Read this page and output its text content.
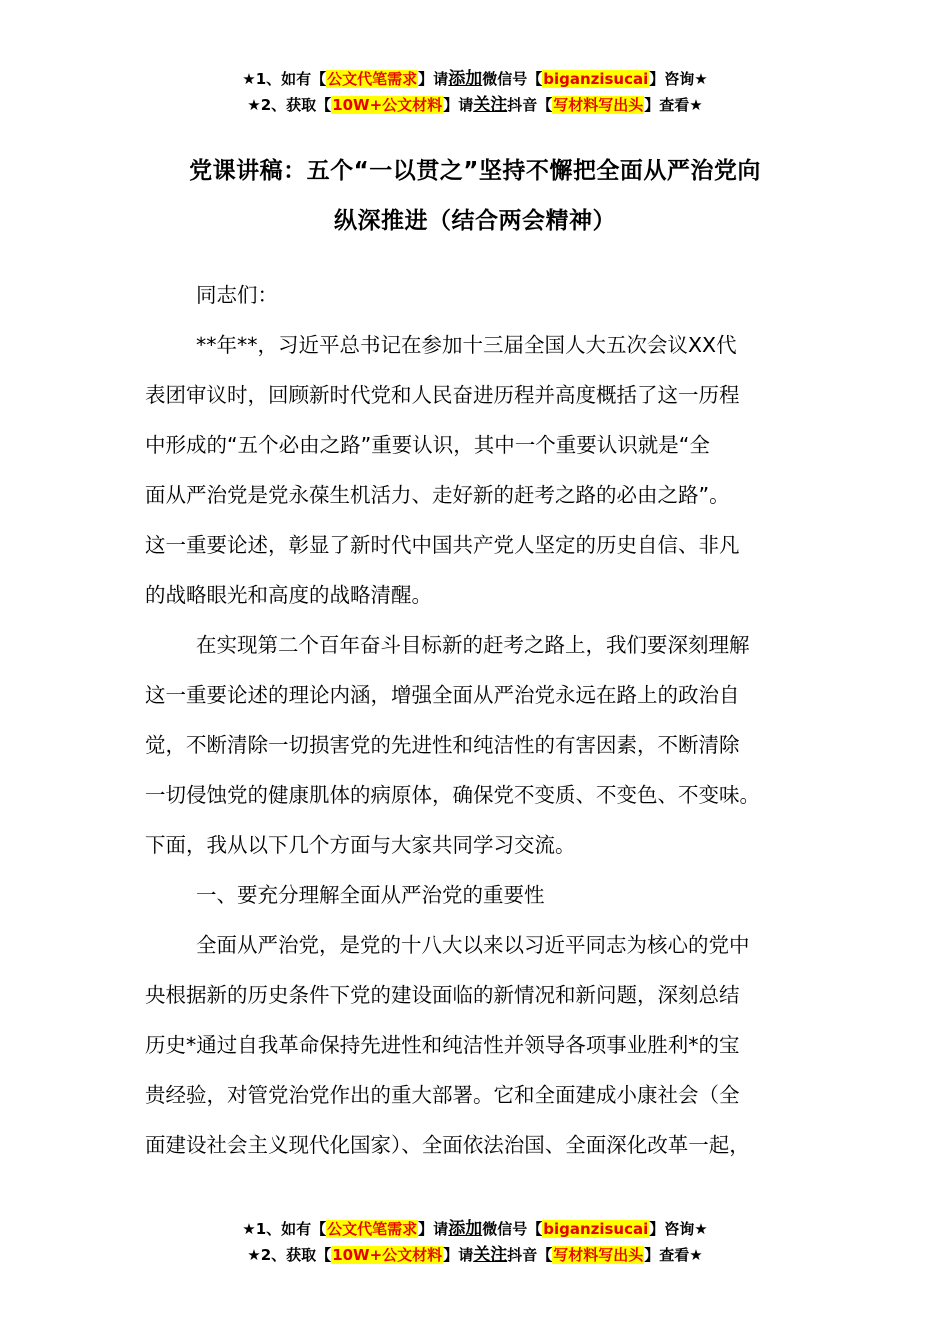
★1、如有【公文代笔需求】请添加微信号【biganzisucai】咨询★
★2、获取【10W+公文材料】请关注抖音【写材料写出头】查看★
党课讲稿：五个“一以贯之”坚持不懈把全面从严治党向
纵深推进（结合两会精神）
同志们：
**年**，习近平总书记在参加十三届全国人大五次会议XX代
表团审议时，回顾新时代党和人民奋进历程并高度概括了这一历程
中形成的“五个必由之路”重要认识，其中一个重要认识就是“全
面从严治党是党永葆生机活力、走好新的赶考之路的必由之路”。
这一重要论述，彰显了新时代中国共产党人坚定的历史自信、非凡
的战略眼光和高度的战略清醒。
在实现第二个百年奋斗目标新的赶考之路上，我们要深刻理解
这一重要论述的理论内涵，增强全面从严治党永远在路上的政治自
觉，不断清除一切损害党的先进性和纯洁性的有害因素，不断清除
一切侵蚀党的健康肌体的病原体，确保党不变质、不变色、不变味。
下面，我从以下几个方面与大家共同学习交流。
一、要充分理解全面从严治党的重要性
全面从严治党，是党的十八大以来以习近平同志为核心的党中
央根据新的历史条件下党的建设面临的新情况和新问题，深刻总结
历史*通过自我革命保持先进性和纯洁性并领导各项事业胜利*的宝
贵经验，对管党治党作出的重大部署。它和全面建成小康社会（全
面建设社会主义现代化国家）、全面依法治国、全面深化改革一起，
★1、如有【公文代笔需求】请添加微信号【biganzisucai】咨询★
★2、获取【10W+公文材料】请关注抖音【写材料写出头】查看★
